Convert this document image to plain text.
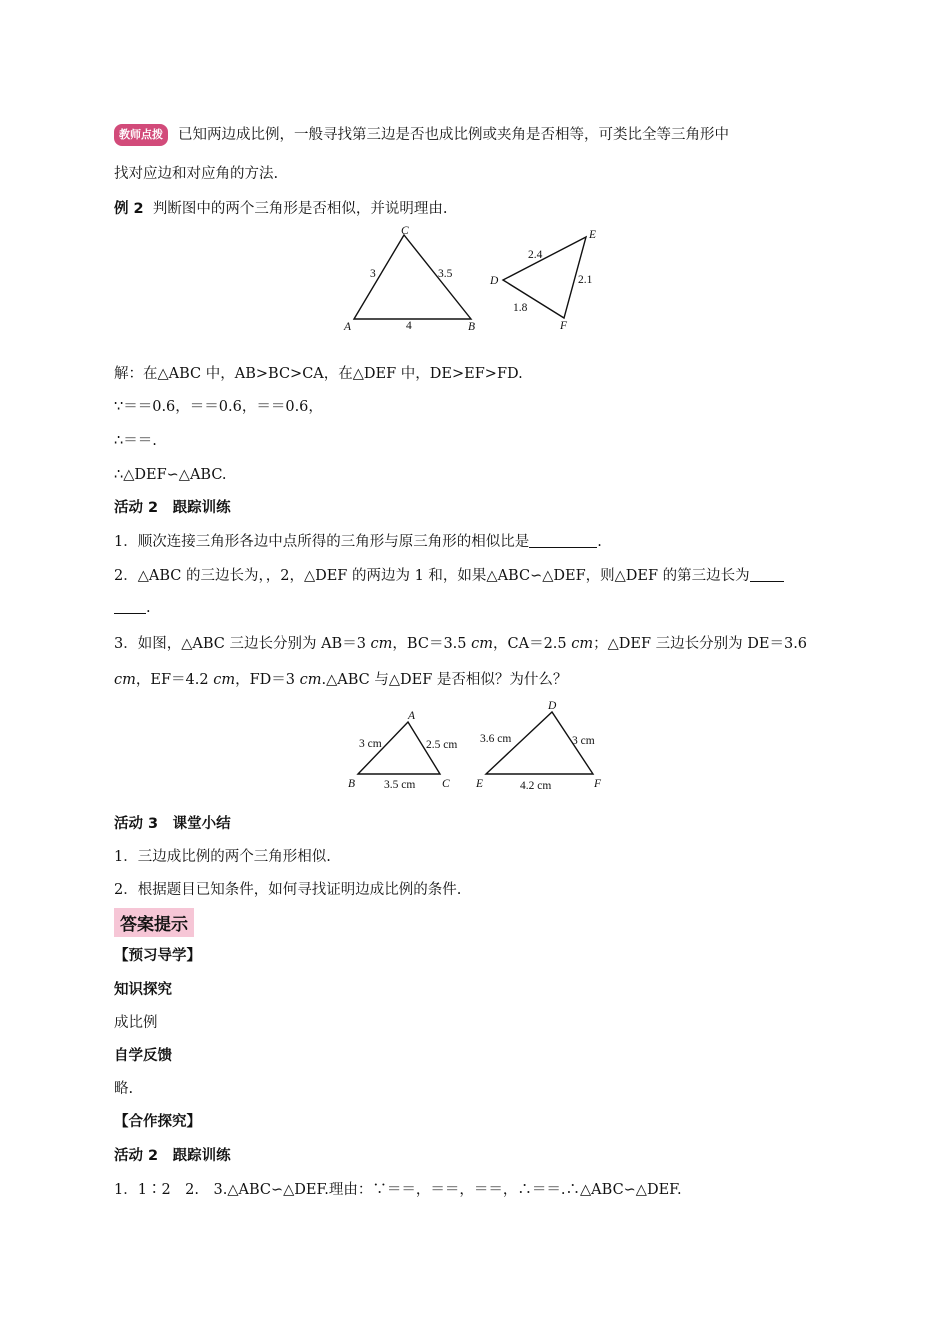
教师点拨 已知两边成比例，一般寻找第三边是否也成比例或夹角是否相等，可类比全等三角形中
找对应边和对应角的方法.
例 2 判断图中的两个三角形是否相似，并说明理由.
A	B
C
3	3.5
4
D
E
F
2.4
2.1
1.8
解：在△ABC 中，AB>BC>CA，在△DEF 中，DE>EF>FD.
∵＝＝0.6，＝＝0.6，＝＝0.6，
∴＝＝.
∴△DEF∽△ABC.
活动 2　跟踪训练
1．顺次连接三角形各边中点所得的三角形与原三角形的相似比是	.
2．△ABC 的三边长为，，2，△DEF 的两边为 1 和，如果△ABC∽△DEF，则△DEF 的第三边长为
.
3．如图，△ABC 三边长分别为 AB＝3 cm，BC＝3.5 cm，CA＝2.5 cm；△DEF 三边长分别为 DE＝3.6
cm，EF＝4.2 cm，FD＝3 cm.△ABC 与△DEF 是否相似？为什么？
B	C
A
3 cm	2.5 cm
3.5 cm	E	F
D
3.6 cm	3 cm
4.2 cm
活动 3　课堂小结
1．三边成比例的两个三角形相似.
2．根据题目已知条件，如何寻找证明边成比例的条件.
答案提示
【预习导学】
知识探究
成比例
自学反馈
略.
【合作探究】
活动 2　跟踪训练
1．1∶2　2.　3.△ABC∽△DEF.理由：∵＝＝，＝＝，＝＝，∴＝＝.∴△ABC∽△DEF.
